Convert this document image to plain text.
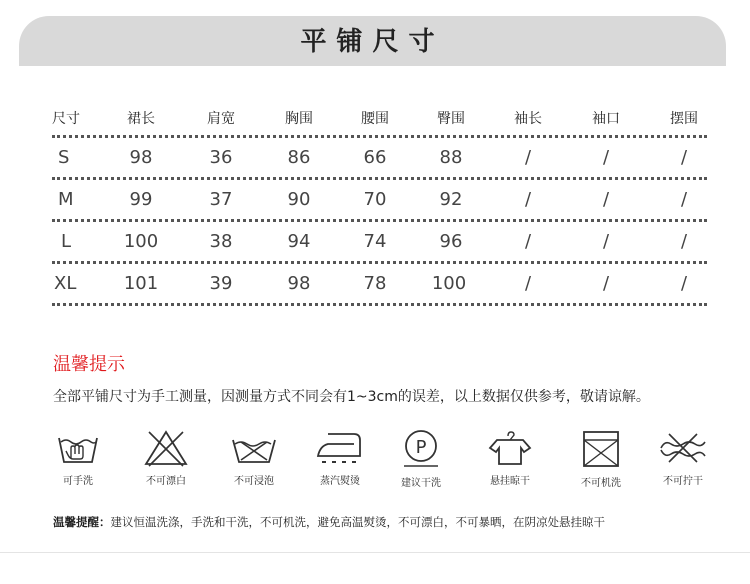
平铺尺寸
尺寸	裙长	肩宽	胸围	腰围	臀围	袖长	袖口	摆围
S	98	36	86	66	88	/	/	/
M	99	37	90	70	92	/	/	/
L	100	38	94	74	96	/	/	/
XL	101	39	98	78	100	/	/	/
温馨提示
全部平铺尺寸为手工测量，因测量方式不同会有1~3cm的误差，以上数据仅供参考，敬请谅解。
可手洗	不可漂白	不可浸泡	蒸汽熨烫
P
建议干洗	悬挂晾干	不可机洗	不可拧干
温馨提醒：建议恒温洗涤，手洗和干洗，不可机洗，避免高温熨烫，不可漂白，不可暴晒，在阴凉处悬挂晾干
